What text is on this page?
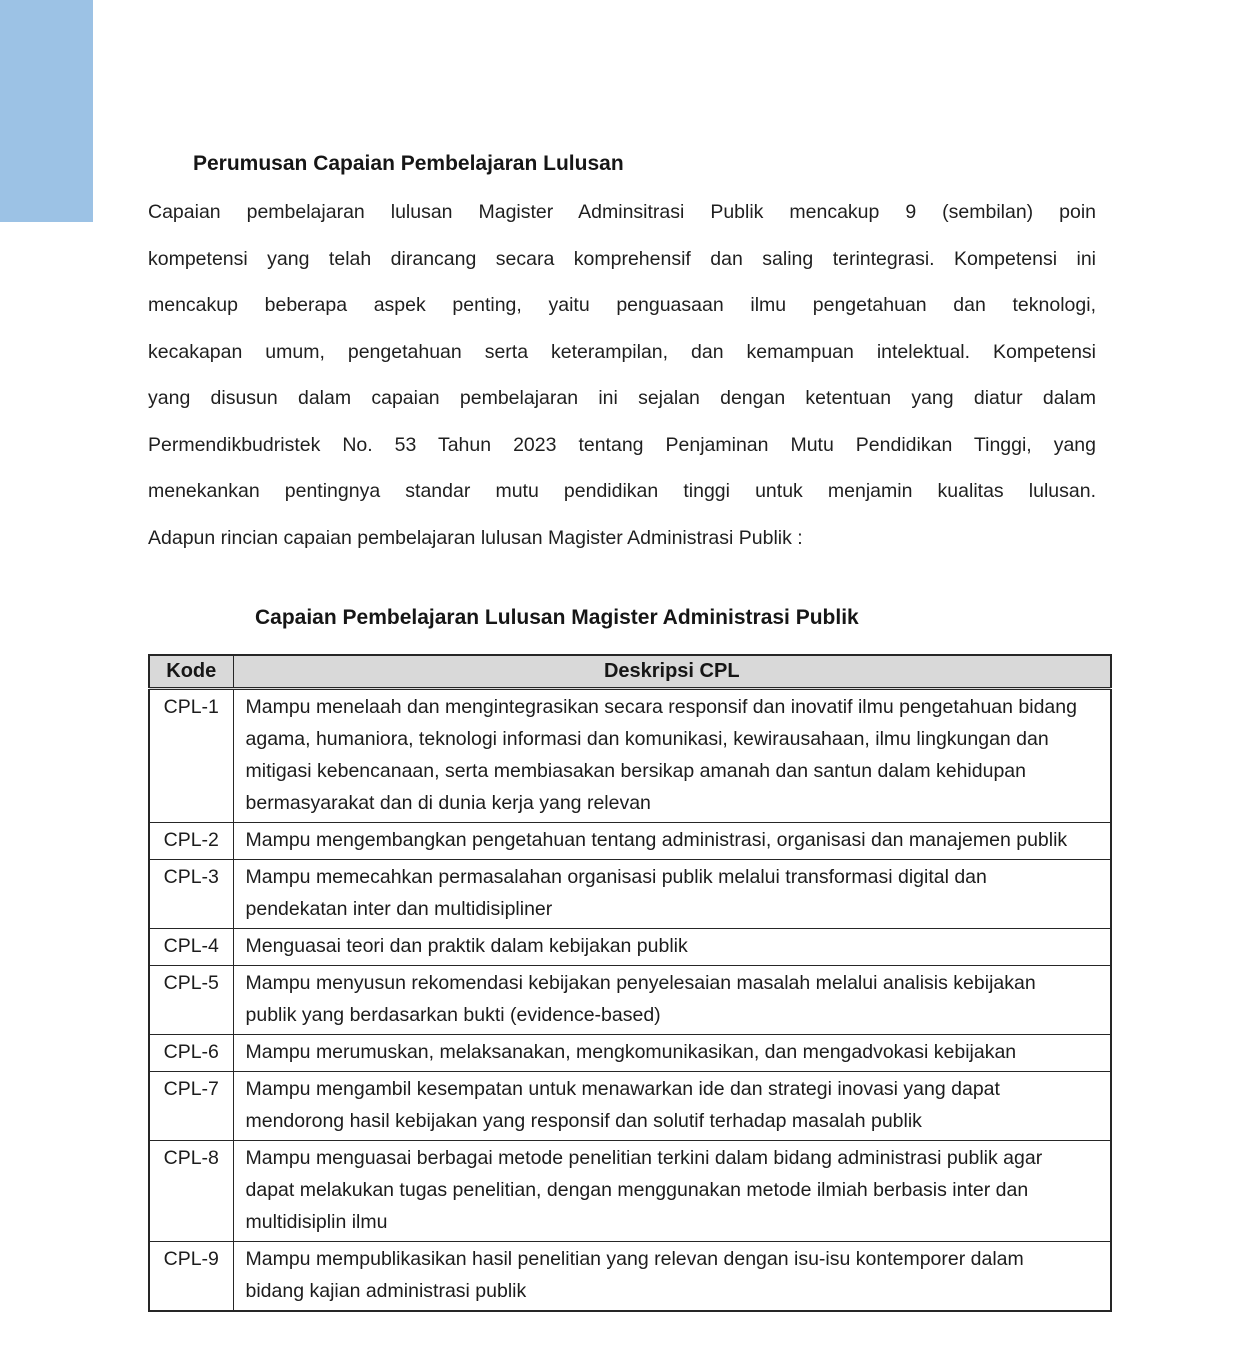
Perumusan Capaian Pembelajaran Lulusan
Capaian pembelajaran lulusan Magister Adminsitrasi Publik mencakup 9 (sembilan) poin
kompetensi yang telah dirancang secara komprehensif dan saling terintegrasi. Kompetensi ini
mencakup beberapa aspek penting, yaitu penguasaan ilmu pengetahuan dan teknologi,
kecakapan umum, pengetahuan serta keterampilan, dan kemampuan intelektual. Kompetensi
yang disusun dalam capaian pembelajaran ini sejalan dengan ketentuan yang diatur dalam
Permendikbudristek No. 53 Tahun 2023 tentang Penjaminan Mutu Pendidikan Tinggi, yang
menekankan pentingnya standar mutu pendidikan tinggi untuk menjamin kualitas lulusan.
Adapun rincian capaian pembelajaran lulusan Magister Administrasi Publik :
Capaian Pembelajaran Lulusan Magister Administrasi Publik
Kode	Deskripsi CPL
CPL-1	Mampu menelaah dan mengintegrasikan secara responsif dan inovatif ilmu pengetahuan bidang agama, humaniora, teknologi informasi dan komunikasi, kewirausahaan, ilmu lingkungan dan mitigasi kebencanaan, serta membiasakan bersikap amanah dan santun dalam kehidupan bermasyarakat dan di dunia kerja yang relevan
CPL-2	Mampu mengembangkan pengetahuan tentang administrasi, organisasi dan manajemen publik
CPL-3	Mampu memecahkan permasalahan organisasi publik melalui transformasi digital dan pendekatan inter dan multidisipliner
CPL-4	Menguasai teori dan praktik dalam kebijakan publik
CPL-5	Mampu menyusun rekomendasi kebijakan penyelesaian masalah melalui analisis kebijakan publik yang berdasarkan bukti (evidence-based)
CPL-6	Mampu merumuskan, melaksanakan, mengkomunikasikan, dan mengadvokasi kebijakan
CPL-7	Mampu mengambil kesempatan untuk menawarkan ide dan strategi inovasi yang dapat mendorong hasil kebijakan yang responsif dan solutif terhadap masalah publik
CPL-8	Mampu menguasai berbagai metode penelitian terkini dalam bidang administrasi publik agar dapat melakukan tugas penelitian, dengan menggunakan metode ilmiah berbasis inter dan multidisiplin ilmu
CPL-9	Mampu mempublikasikan hasil penelitian yang relevan dengan isu-isu kontemporer dalam bidang kajian administrasi publik
